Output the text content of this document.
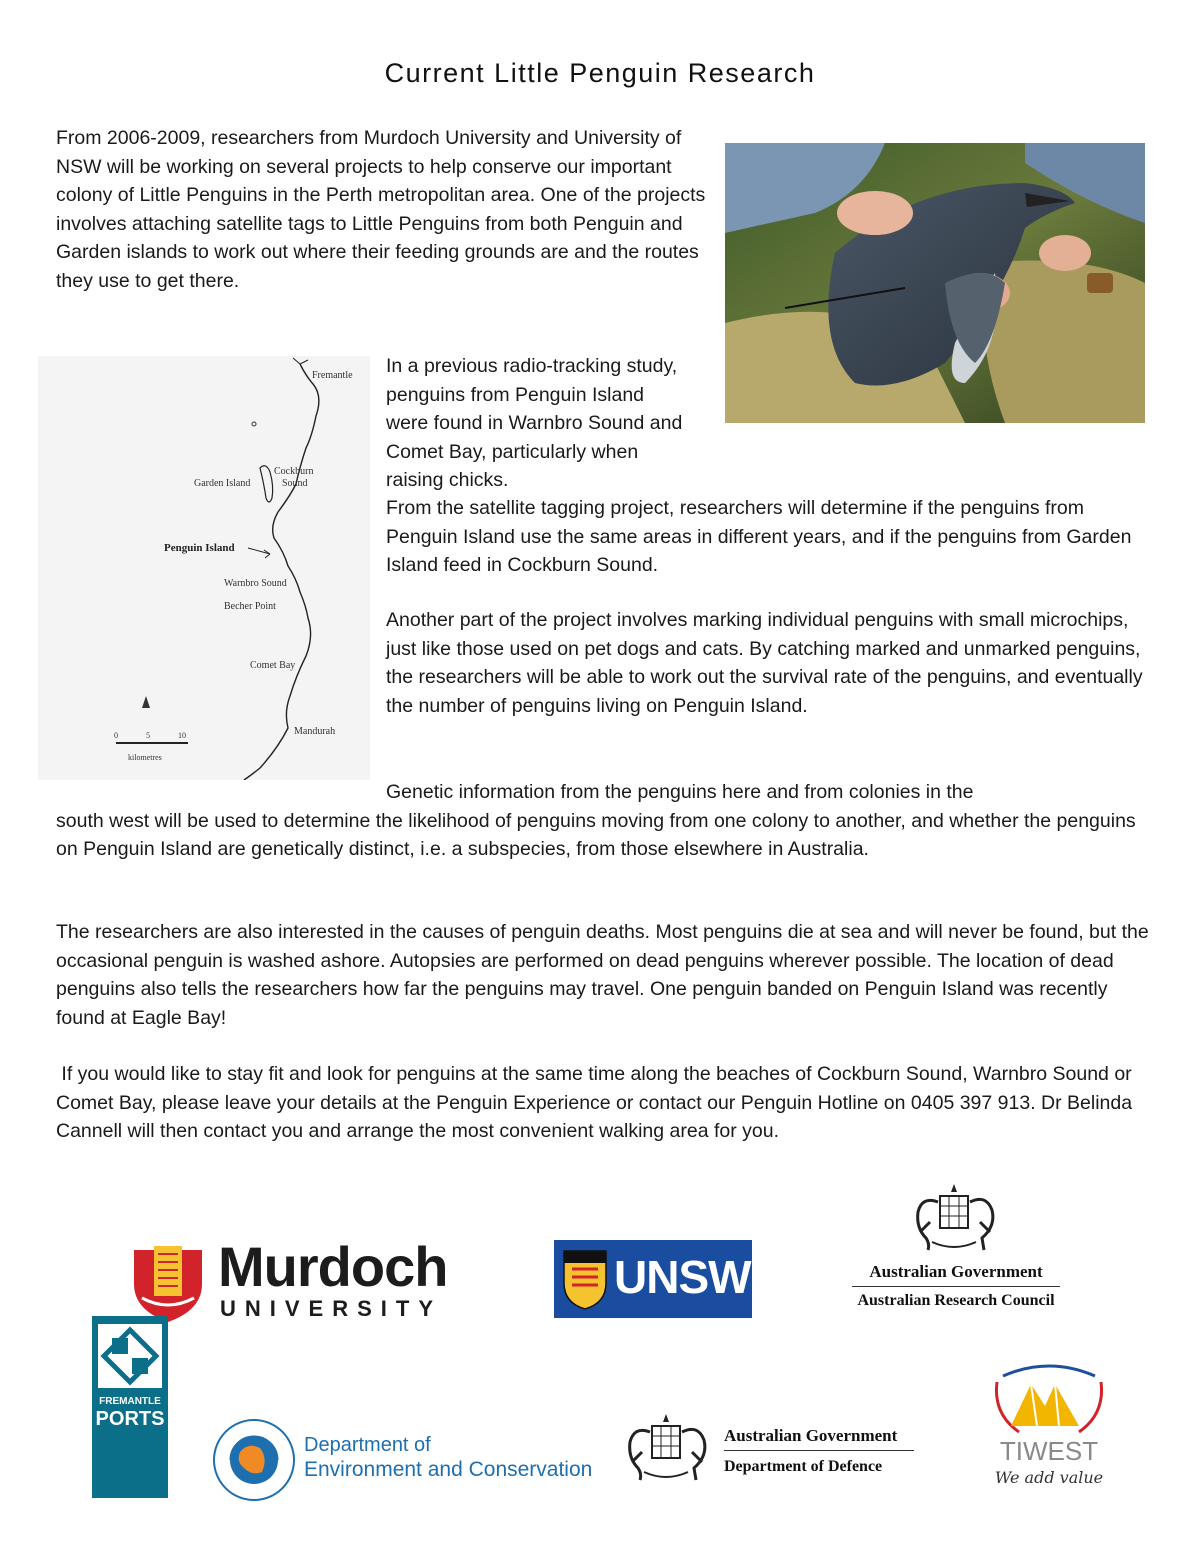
Current Little Penguin Research

From 2006-2009, researchers from Murdoch University and University of NSW will be working on several projects to help conserve our important colony of Little Penguins in the Perth metropolitan area. One of the projects involves attaching satellite tags to Little Penguins from both Penguin and Garden islands to work out where their feeding grounds are and the routes they use to get there.

Fremantle
Garden Island
Cockburn
Sound
Penguin Island
Warnbro Sound
Becher Point
Comet Bay
Mandurah
0	5	10
kilometres

In a previous radio-tracking study, penguins from Penguin Island were found in Warnbro Sound and Comet Bay, particularly when raising chicks.

From the satellite tagging project, researchers will determine if the penguins from Penguin Island use the same areas in different years, and if the penguins from Garden Island feed in Cockburn Sound.

Another part of the project involves marking individual penguins with small microchips, just like those used on pet dogs and cats. By catching marked and unmarked penguins, the researchers will be able to work out the survival rate of the penguins, and eventually the number of penguins living on Penguin Island.

Genetic information from the penguins here and from colonies in the

south west will be used to determine the likelihood of penguins moving from one colony to another, and whether the penguins on Penguin Island are genetically distinct, i.e. a subspecies, from those elsewhere in Australia.

The researchers are also interested in the causes of penguin deaths. Most penguins die at sea and will never be found, but the occasional penguin is washed ashore. Autopsies are performed on dead penguins wherever possible. The location of dead penguins also tells the researchers how far the penguins may travel. One penguin banded on Penguin Island was recently found at Eagle Bay!

If you would like to stay fit and look for penguins at the same time along the beaches of Cockburn Sound, Warnbro Sound or Comet Bay, please leave your details at the Penguin Experience or contact our Penguin Hotline on 0405 397 913. Dr Belinda Cannell will then contact you and arrange the most convenient walking area for you.

Murdoch
UNIVERSITY
UNSW	Australian Government
Australian Research Council
FREMANTLE
PORTS
Department of
Environment and Conservation
Australian Government
Department of Defence
TIWEST
We add value
